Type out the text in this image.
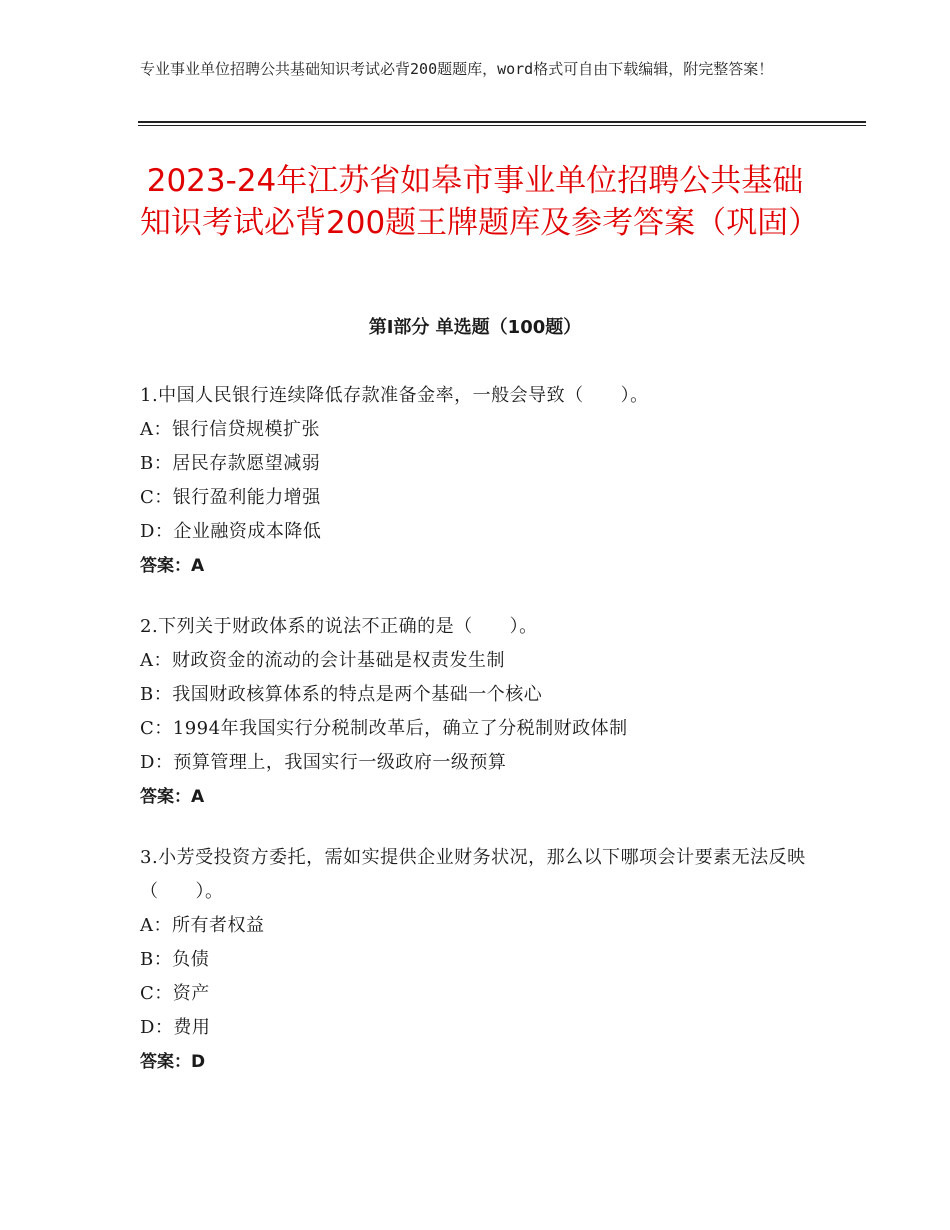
专业事业单位招聘公共基础知识考试必背200题题库，word格式可自由下载编辑，附完整答案！
2023-24年江苏省如皋市事业单位招聘公共基础知识考试必背200题王牌题库及参考答案（巩固）
第Ⅰ部分 单选题（100题）
1.中国人民银行连续降低存款准备金率，一般会导致（　　）。
A：银行信贷规模扩张
B：居民存款愿望减弱
C：银行盈利能力增强
D：企业融资成本降低
答案：A
2.下列关于财政体系的说法不正确的是（　　）。
A：财政资金的流动的会计基础是权责发生制
B：我国财政核算体系的特点是两个基础一个核心
C：1994年我国实行分税制改革后，确立了分税制财政体制
D：预算管理上，我国实行一级政府一级预算
答案：A
3.小芳受投资方委托，需如实提供企业财务状况，那么以下哪项会计要素无法反映（　　）。
A：所有者权益
B：负债
C：资产
D：费用
答案：D
